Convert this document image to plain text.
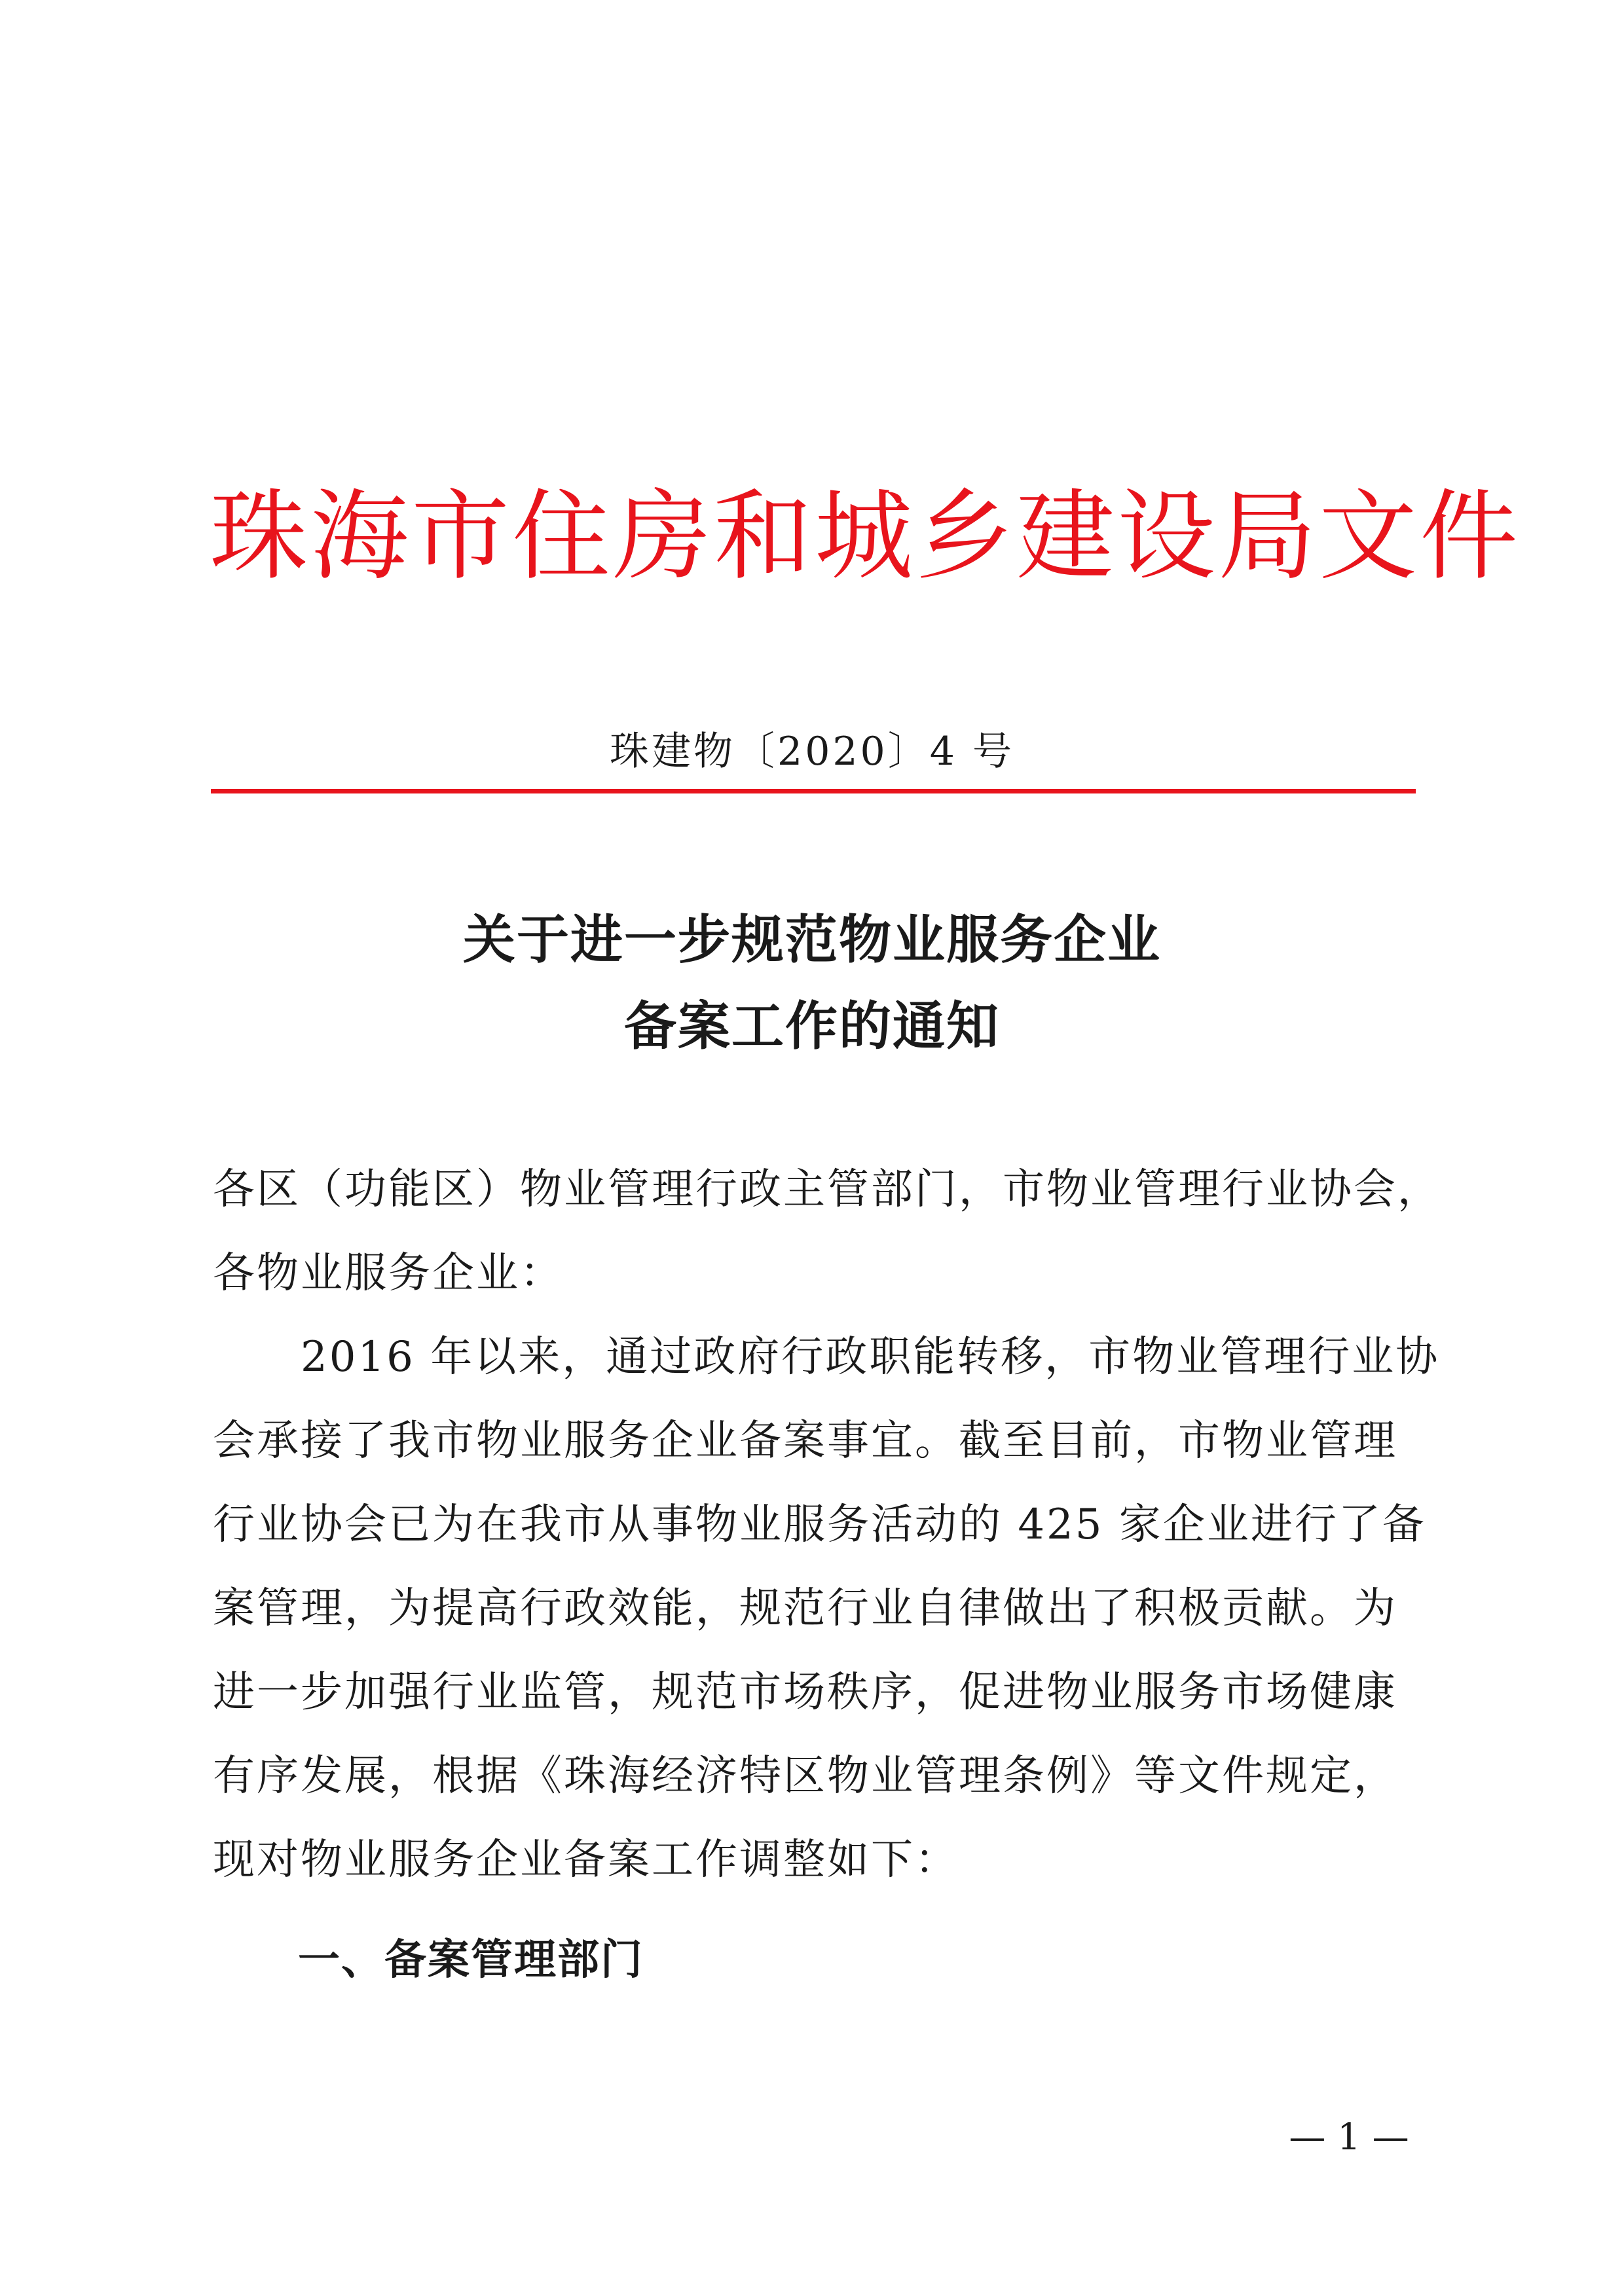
珠海市住房和城乡建设局文件
珠建物〔2020〕4 号
关于进一步规范物业服务企业
备案工作的通知
各区（功能区）物业管理行政主管部门，市物业管理行业协会，
各物业服务企业：
　　2016 年以来，通过政府行政职能转移，市物业管理行业协
会承接了我市物业服务企业备案事宜。截至目前，市物业管理
行业协会已为在我市从事物业服务活动的 425 家企业进行了备
案管理，为提高行政效能，规范行业自律做出了积极贡献。为
进一步加强行业监管，规范市场秩序，促进物业服务市场健康
有序发展，根据《珠海经济特区物业管理条例》等文件规定，
现对物业服务企业备案工作调整如下：
一、备案管理部门
— 1 —
